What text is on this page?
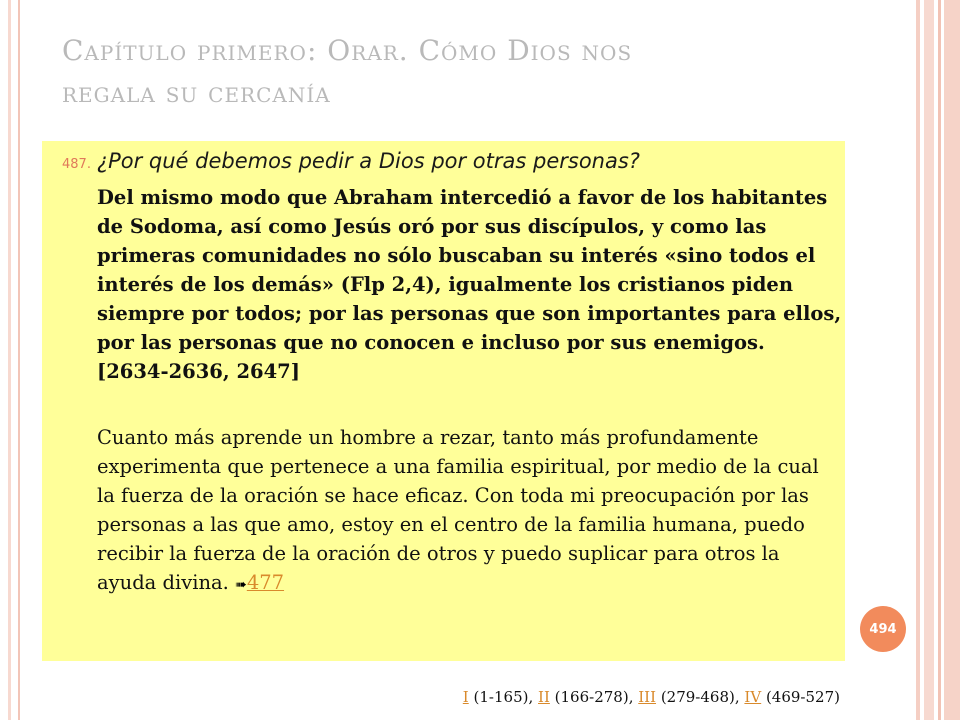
Capítulo primero: Orar. Cómo Dios nos
regala su cercanía
487. ¿Por qué debemos pedir a Dios por otras personas?
Del mismo modo que Abraham intercedió a favor de los habitantes de Sodoma, así como Jesús oró por sus discípulos, y como las primeras comunidades no sólo buscaban su interés «sino todos el interés de los demás» (Flp 2,4), igualmente los cristianos piden siempre por todos; por las personas que son importantes para ellos, por las personas que no conocen e incluso por sus enemigos. [2634-2636, 2647]
Cuanto más aprende un hombre a rezar, tanto más profundamente experimenta que pertenece a una familia espiritual, por medio de la cual la fuerza de la oración se hace eficaz. Con toda mi preocupación por las personas a las que amo, estoy en el centro de la familia humana, puedo recibir la fuerza de la oración de otros y puedo suplicar para otros la ayuda divina. ➠477
494
I (1-165), II (166-278), III (279-468), IV (469-527)
